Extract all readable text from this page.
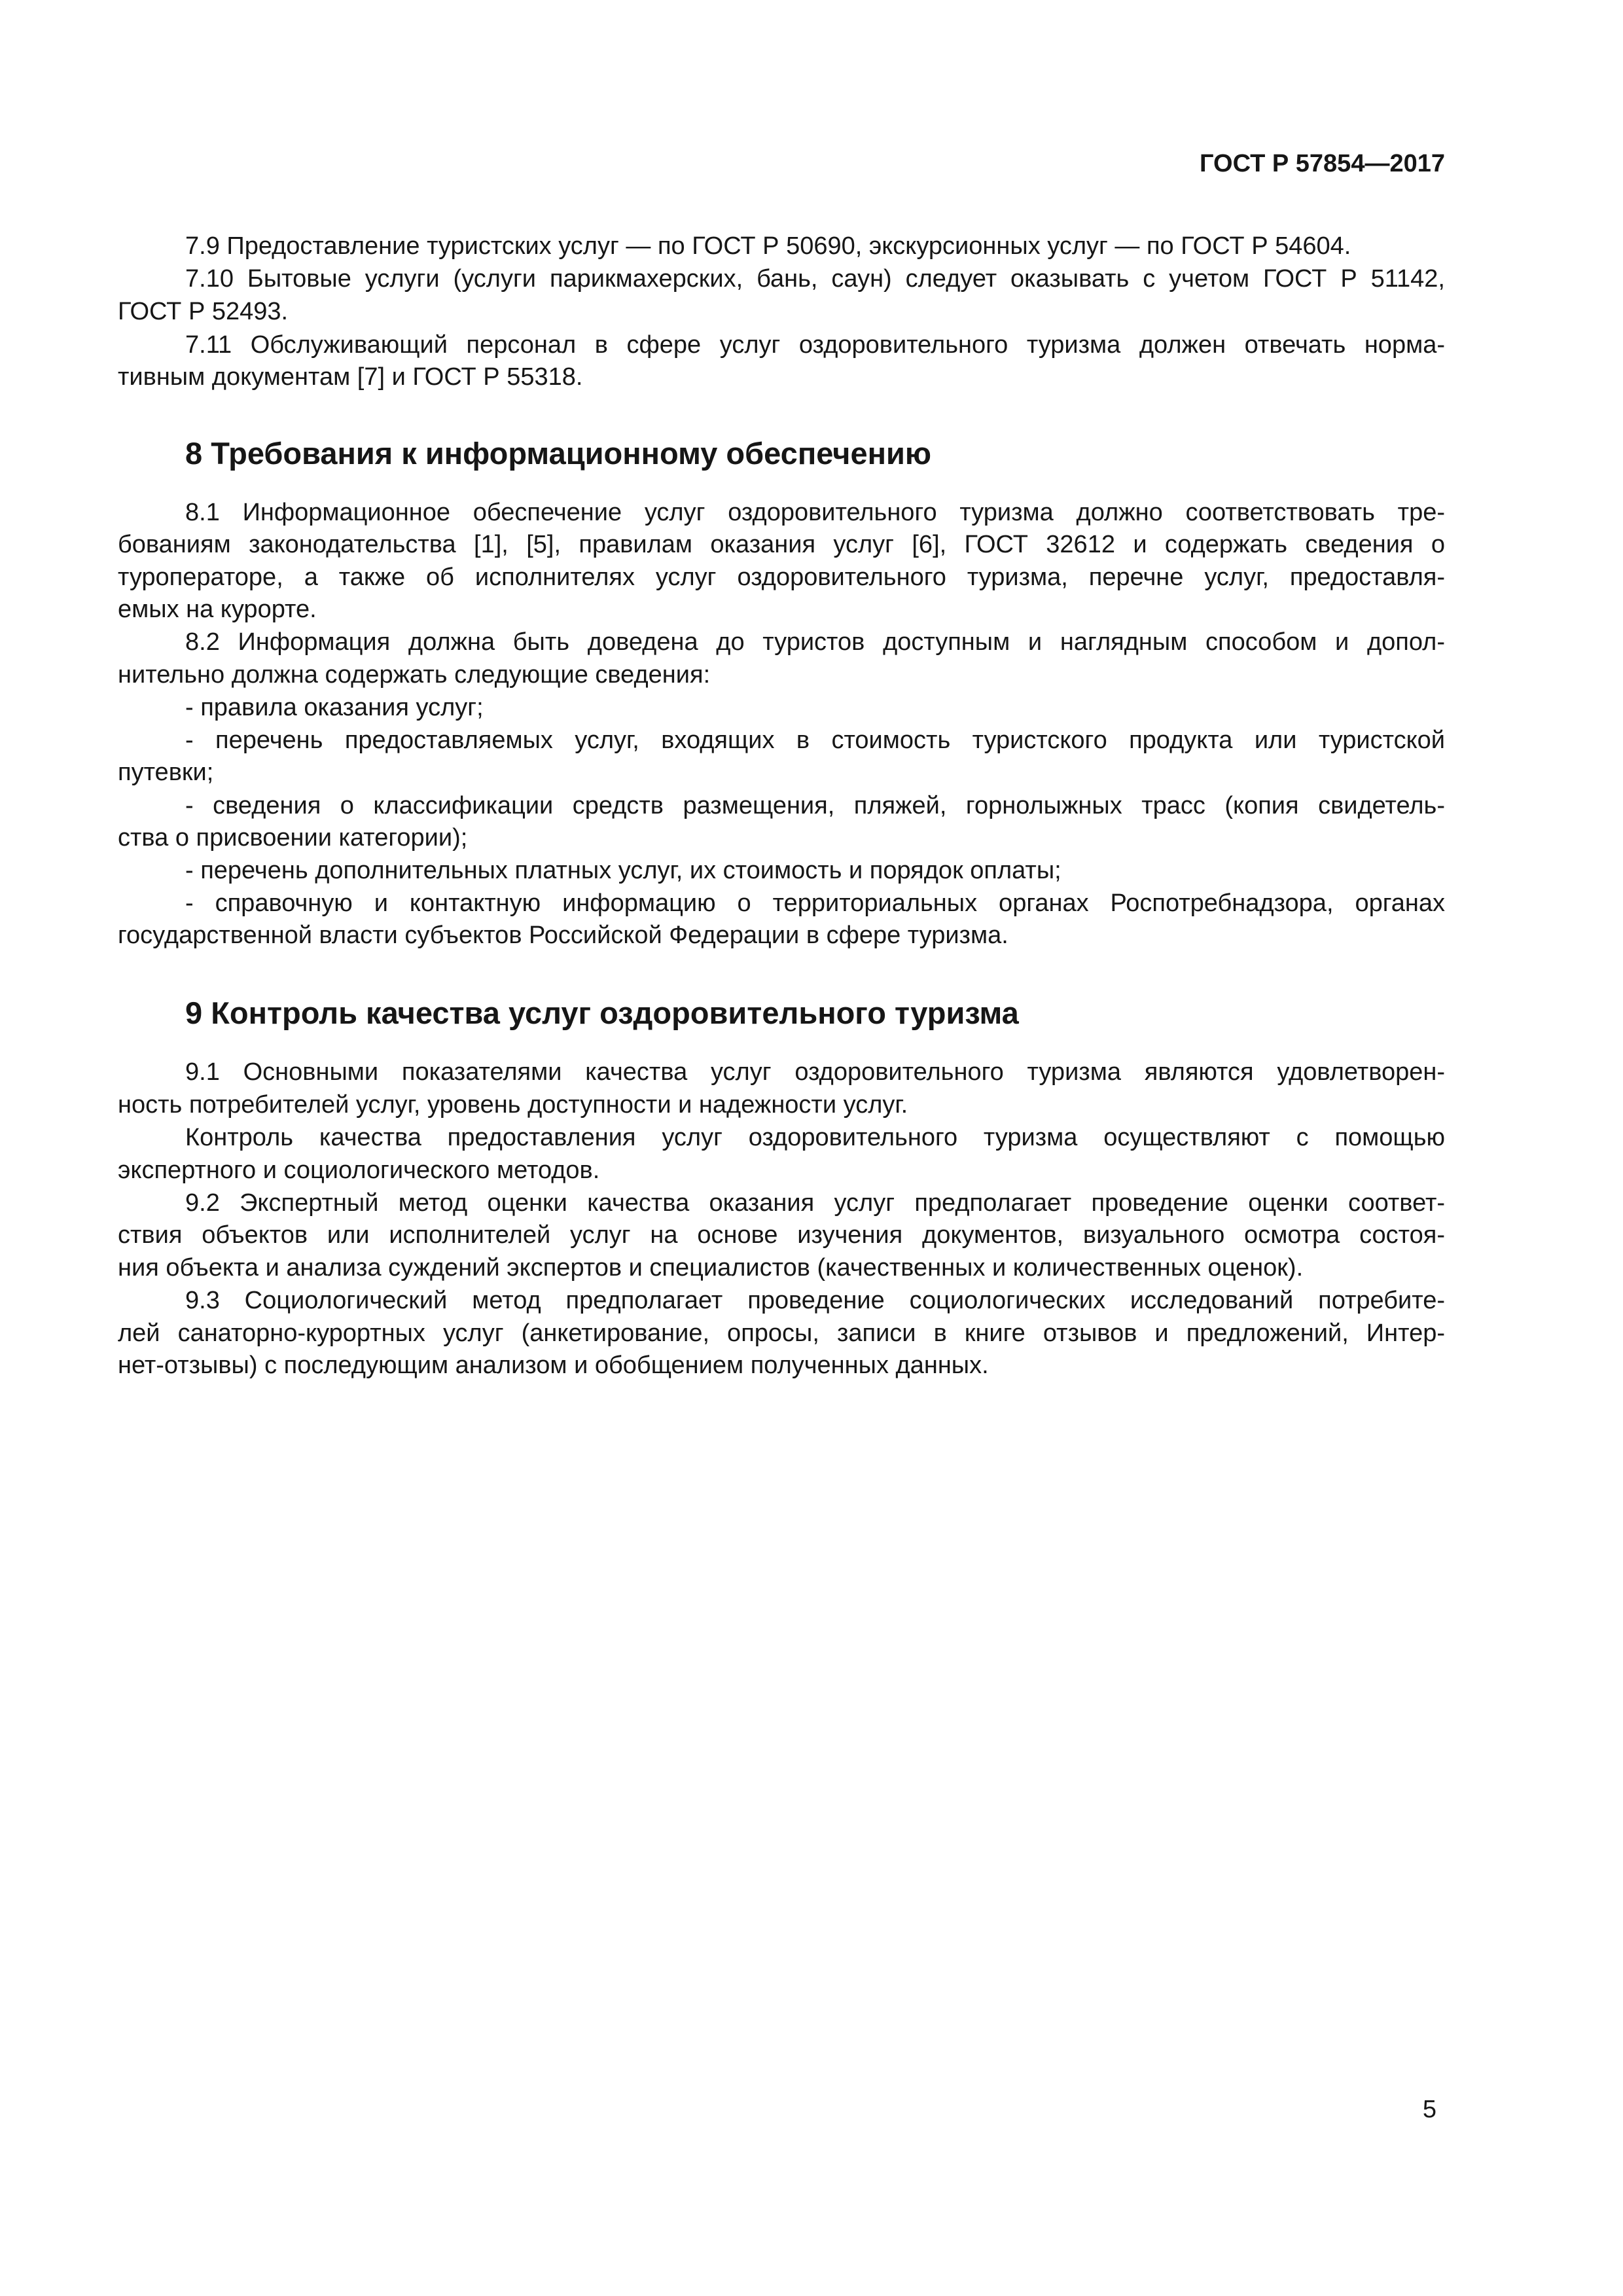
ГОСТ Р 57854—2017
7.9 Предоставление туристских услуг — по ГОСТ Р 50690, экскурсионных услуг — по ГОСТ Р 54604.
7.10 Бытовые услуги (услуги парикмахерских, бань, саун) следует оказывать с учетом ГОСТ Р 51142,
ГОСТ Р 52493.
7.11 Обслуживающий персонал в сфере услуг оздоровительного туризма должен отвечать норма-
тивным документам [7] и ГОСТ Р 55318.
8 Требования к информационному обеспечению
8.1 Информационное обеспечение услуг оздоровительного туризма должно соответствовать тре-
бованиям законодательства [1], [5], правилам оказания услуг [6], ГОСТ 32612 и содержать сведения о
туроператоре, а также об исполнителях услуг оздоровительного туризма, перечне услуг, предоставля-
емых на курорте.
8.2 Информация должна быть доведена до туристов доступным и наглядным способом и допол-
нительно должна содержать следующие сведения:
- правила оказания услуг;
- перечень предоставляемых услуг, входящих в стоимость туристского продукта или туристской
путевки;
- сведения о классификации средств размещения, пляжей, горнолыжных трасс (копия свидетель-
ства о присвоении категории);
- перечень дополнительных платных услуг, их стоимость и порядок оплаты;
- справочную и контактную информацию о территориальных органах Роспотребнадзора, органах
государственной власти субъектов Российской Федерации в сфере туризма.
9 Контроль качества услуг оздоровительного туризма
9.1 Основными показателями качества услуг оздоровительного туризма являются удовлетворен-
ность потребителей услуг, уровень доступности и надежности услуг.
Контроль качества предоставления услуг оздоровительного туризма осуществляют с помощью
экспертного и социологического методов.
9.2 Экспертный метод оценки качества оказания услуг предполагает проведение оценки соответ-
ствия объектов или исполнителей услуг на основе изучения документов, визуального осмотра состоя-
ния объекта и анализа суждений экспертов и специалистов (качественных и количественных оценок).
9.3 Социологический метод предполагает проведение социологических исследований потребите-
лей санаторно-курортных услуг (анкетирование, опросы, записи в книге отзывов и предложений, Интер-
нет-отзывы) с последующим анализом и обобщением полученных данных.
5
